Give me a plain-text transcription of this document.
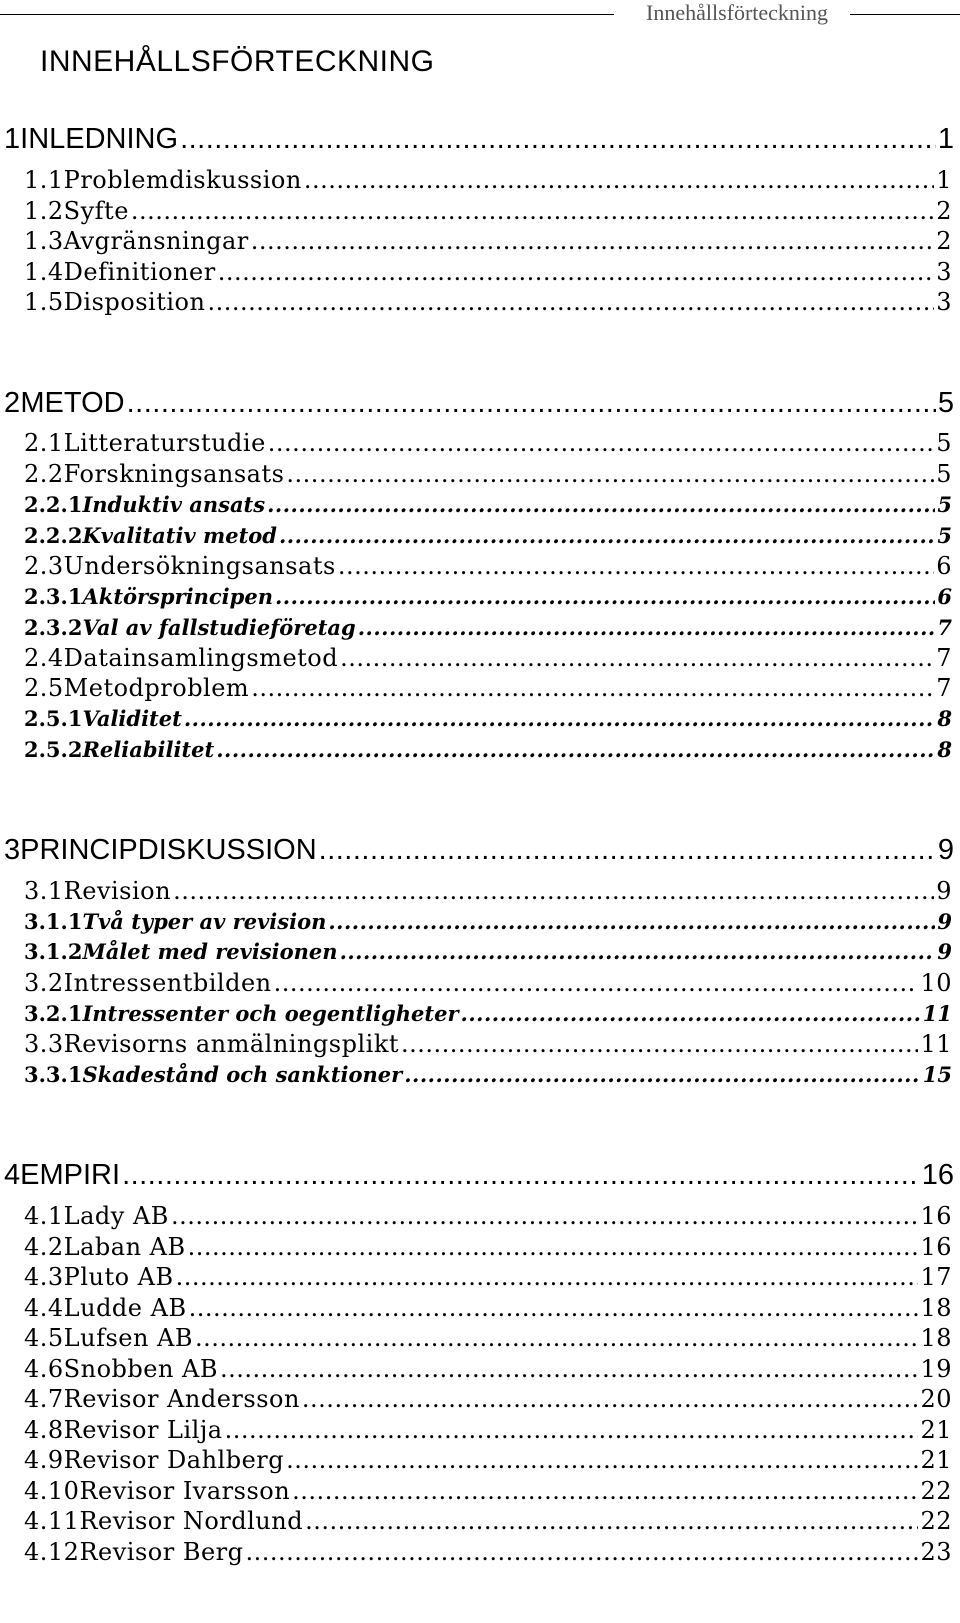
Innehållsförteckning
INNEHÅLLSFÖRTECKNING
1 INLEDNING .....	1
1.1 Problemdiskussion .....	1
1.2 Syfte .....	2
1.3 Avgränsningar .....	2
1.4 Definitioner .....	3
1.5 Disposition .....	3
2 METOD .....	5
2.1 Litteraturstudie .....	5
2.2 Forskningsansats .....	5
2.2.1 Induktiv ansats .....	5
2.2.2 Kvalitativ metod .....	5
2.3 Undersökningsansats .....	6
2.3.1 Aktörsprincipen .....	6
2.3.2 Val av fallstudieföretag .....	7
2.4 Datainsamlingsmetod .....	7
2.5 Metodproblem .....	7
2.5.1 Validitet .....	8
2.5.2 Reliabilitet .....	8
3 PRINCIPDISKUSSION .....	9
3.1 Revision .....	9
3.1.1 Två typer av revision .....	9
3.1.2 Målet med revisionen .....	9
3.2 Intressentbilden .....	10
3.2.1 Intressenter och oegentligheter .....	11
3.3 Revisorns anmälningsplikt .....	11
3.3.1 Skadestånd och sanktioner .....	15
4 EMPIRI .....	16
4.1 Lady AB .....	16
4.2 Laban AB .....	16
4.3 Pluto AB .....	17
4.4 Ludde AB .....	18
4.5 Lufsen AB .....	18
4.6 Snobben AB .....	19
4.7 Revisor Andersson .....	20
4.8 Revisor Lilja .....	21
4.9 Revisor Dahlberg .....	21
4.10 Revisor Ivarsson .....	22
4.11 Revisor Nordlund .....	22
4.12 Revisor Berg .....	23
